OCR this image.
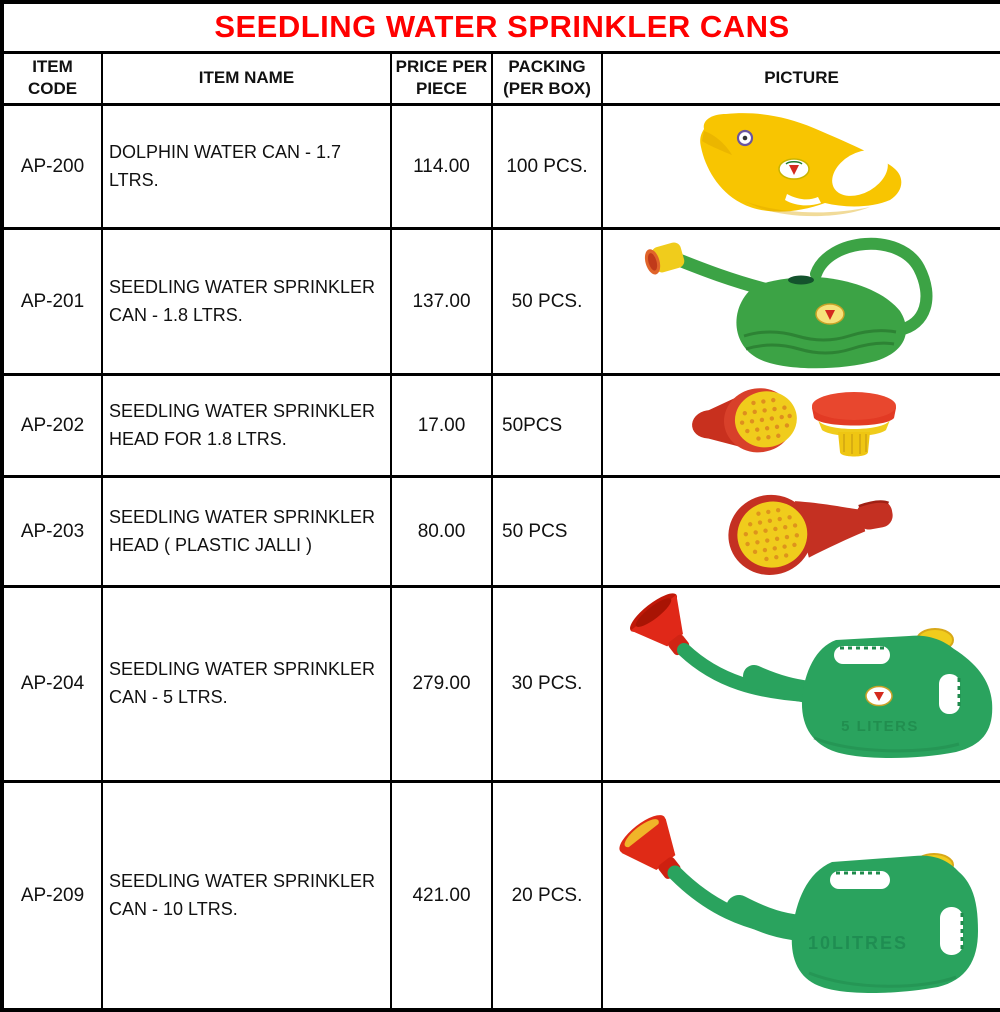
SEEDLING WATER SPRINKLER CANS				
ITEM CODE	ITEM NAME	PRICE PER PIECE	PACKING (PER BOX)	PICTURE
AP-200	DOLPHIN WATER CAN - 1.7 LTRS.	114.00	100 PCS.	

AP-201	SEEDLING WATER SPRINKLER CAN - 1.8 LTRS.	137.00	50 PCS.	

AP-202	SEEDLING WATER SPRINKLER HEAD FOR 1.8 LTRS.	17.00	50PCS	

AP-203	SEEDLING WATER SPRINKLER HEAD ( PLASTIC JALLI )	80.00	50 PCS	

AP-204	SEEDLING WATER SPRINKLER CAN - 5 LTRS.	279.00	30 PCS.	5 LITERS

AP-209	SEEDLING WATER SPRINKLER CAN - 10 LTRS.	421.00	20 PCS.	10LITRES
